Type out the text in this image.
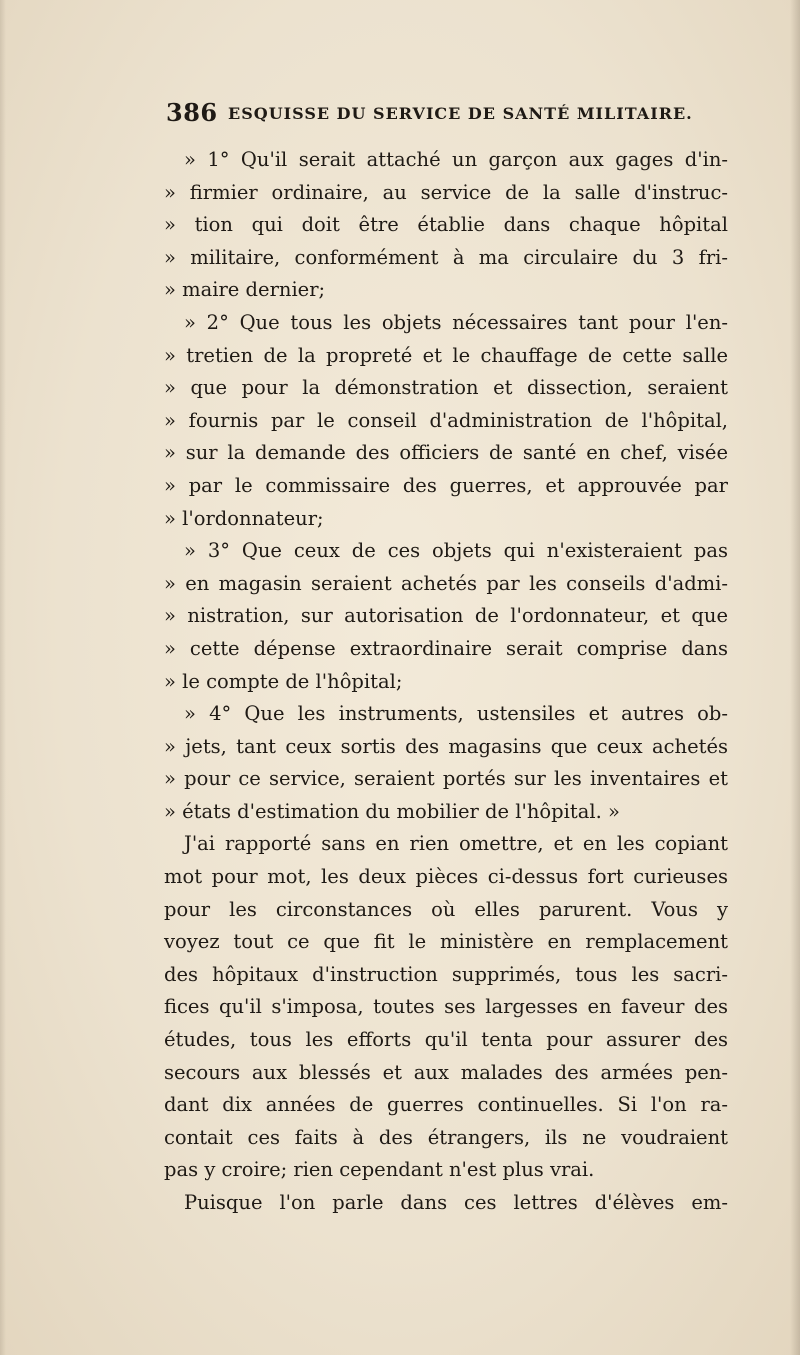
386 ESQUISSE DU SERVICE DE SANTÉ MILITAIRE.
» 1° Qu'il serait attaché un garçon aux gages d'in-
» firmier ordinaire, au service de la salle d'instruc-
» tion qui doit être établie dans chaque hôpital
» militaire, conformément à ma circulaire du 3 fri-
» maire dernier;
» 2° Que tous les objets nécessaires tant pour l'en-
» tretien de la propreté et le chauffage de cette salle
» que pour la démonstration et dissection, seraient
» fournis par le conseil d'administration de l'hôpital,
» sur la demande des officiers de santé en chef, visée
» par le commissaire des guerres, et approuvée par
» l'ordonnateur;
» 3° Que ceux de ces objets qui n'existeraient pas
» en magasin seraient achetés par les conseils d'admi-
» nistration, sur autorisation de l'ordonnateur, et que
» cette dépense extraordinaire serait comprise dans
» le compte de l'hôpital;
» 4° Que les instruments, ustensiles et autres ob-
» jets, tant ceux sortis des magasins que ceux achetés
» pour ce service, seraient portés sur les inventaires et
» états d'estimation du mobilier de l'hôpital. »
J'ai rapporté sans en rien omettre, et en les copiant
mot pour mot, les deux pièces ci-dessus fort curieuses
pour les circonstances où elles parurent. Vous y
voyez tout ce que fit le ministère en remplacement
des hôpitaux d'instruction supprimés, tous les sacri-
fices qu'il s'imposa, toutes ses largesses en faveur des
études, tous les efforts qu'il tenta pour assurer des
secours aux blessés et aux malades des armées pen-
dant dix années de guerres continuelles. Si l'on ra-
contait ces faits à des étrangers, ils ne voudraient
pas y croire; rien cependant n'est plus vrai.
Puisque l'on parle dans ces lettres d'élèves em-
